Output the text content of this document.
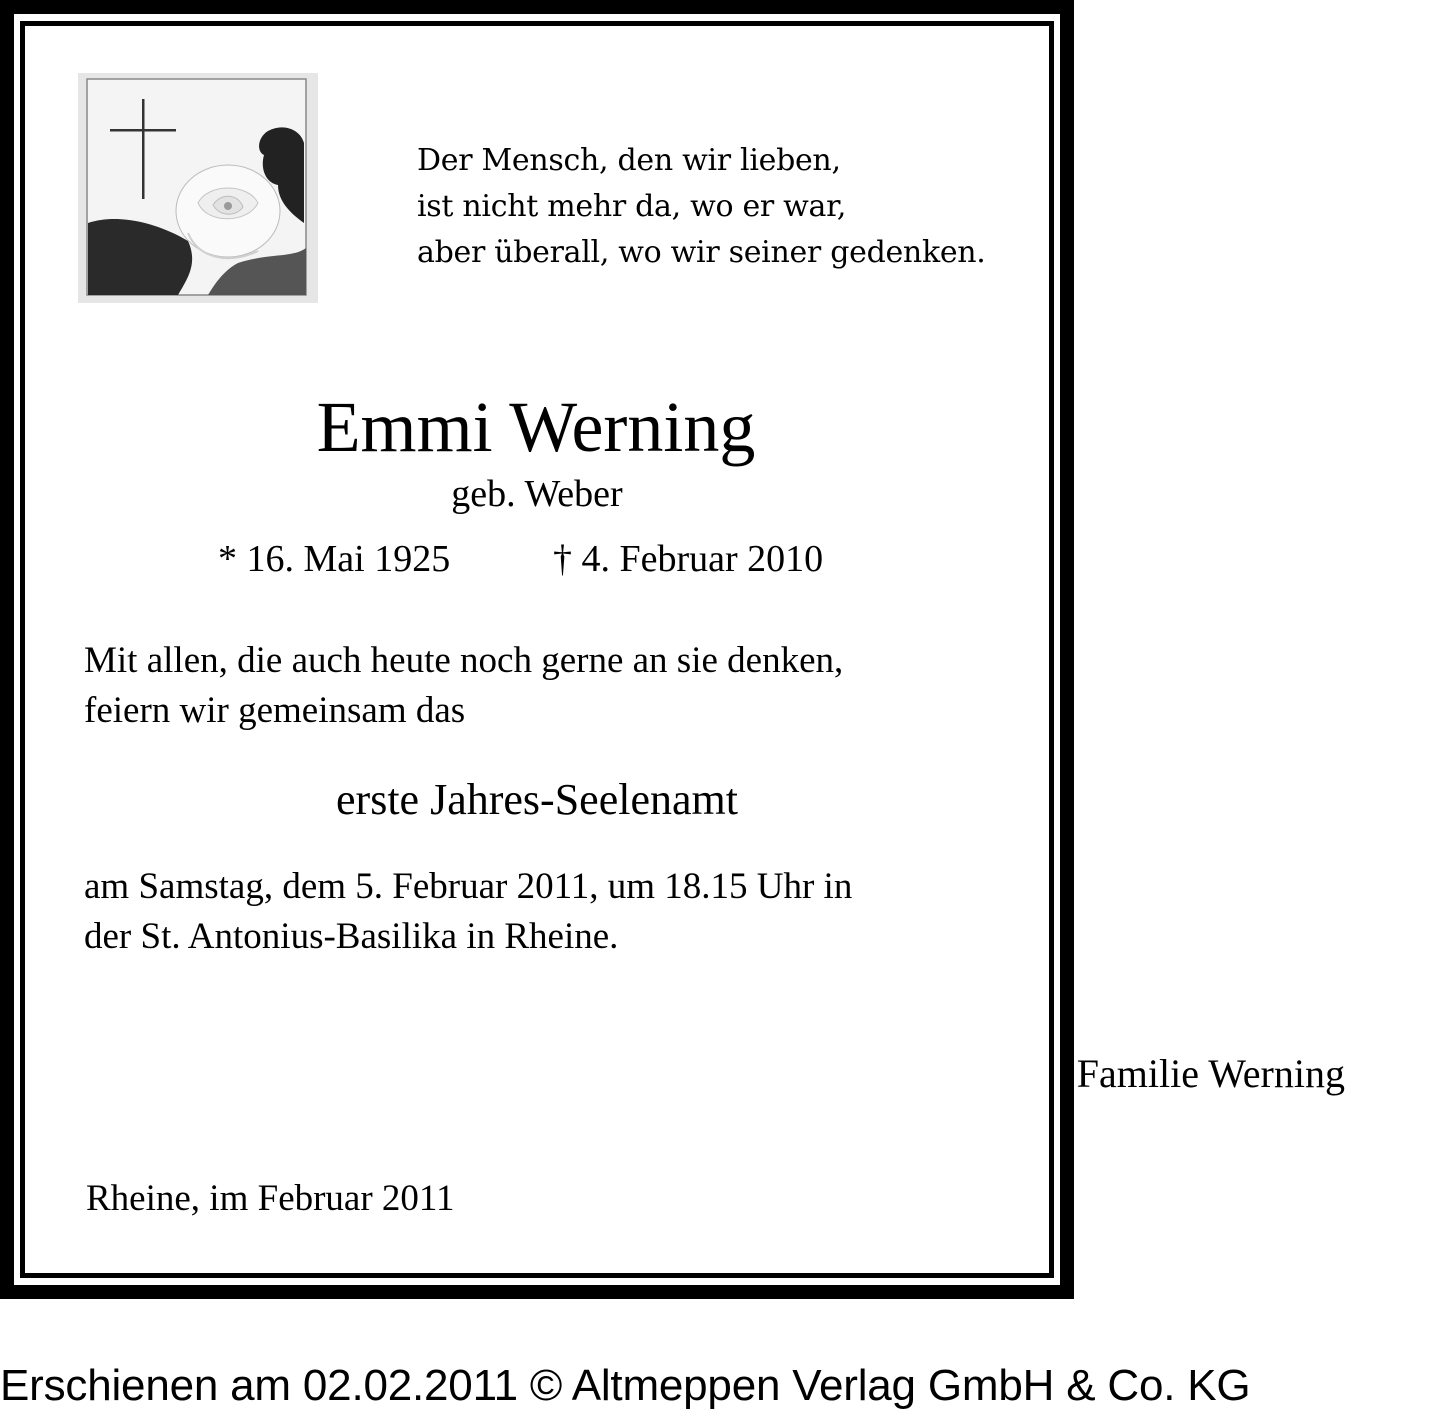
Der Mensch, den wir lieben,
ist nicht mehr da, wo er war,
aber überall, wo wir seiner gedenken.
Emmi Werning
geb. Weber
* 16. Mai 1925	† 4. Februar 2010
Mit allen, die auch heute noch gerne an sie denken,
feiern wir gemeinsam das
erste Jahres-Seelenamt
am Samstag, dem 5. Februar 2011, um 18.15 Uhr in
der St. Antonius-Basilika in Rheine.
Familie Werning
Rheine, im Februar 2011
Erschienen am 02.02.2011 © Altmeppen Verlag GmbH & Co. KG
